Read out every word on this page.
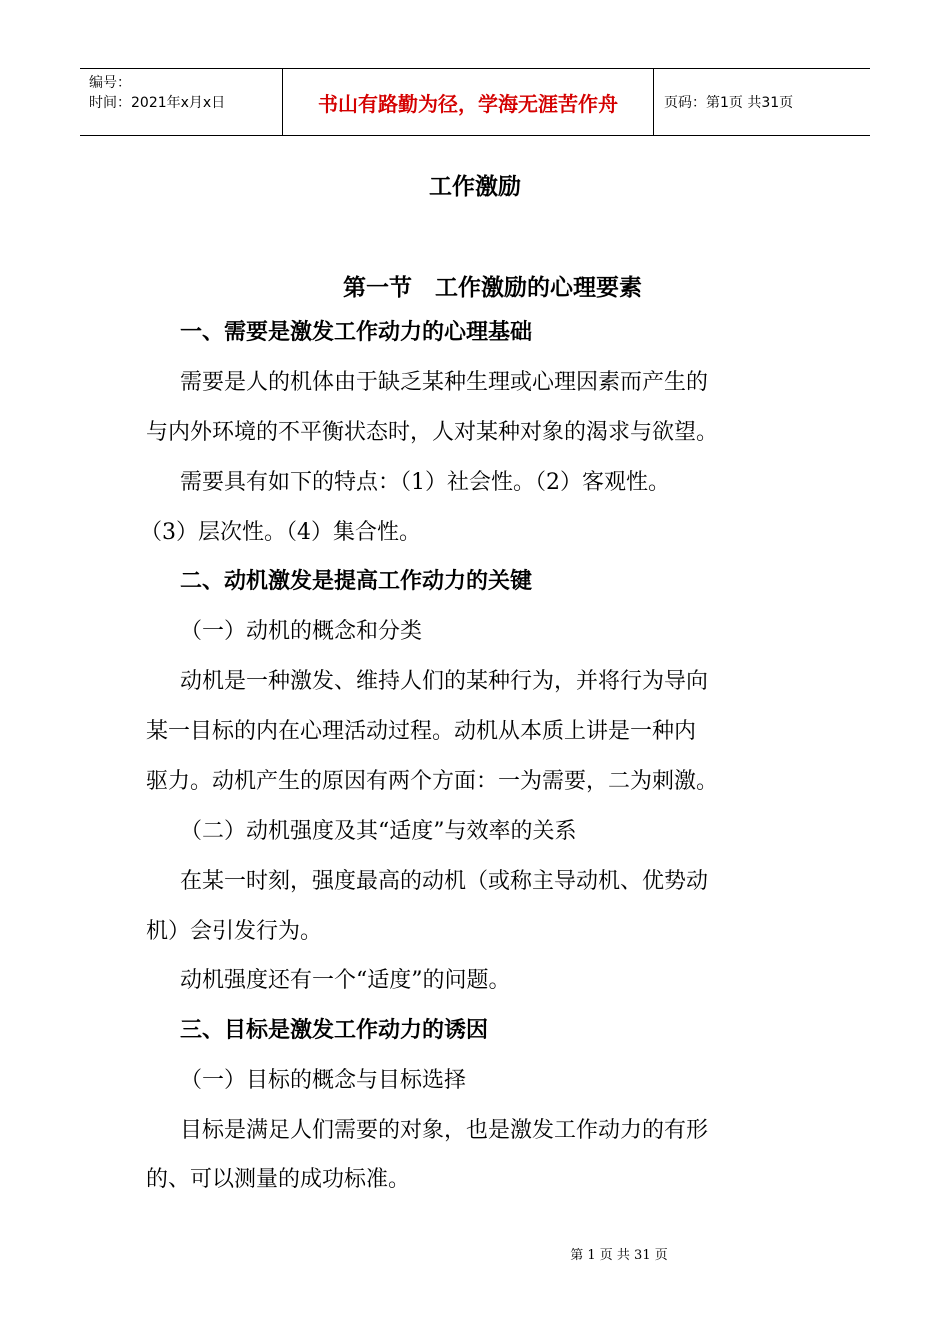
编号：
时间：2021年x月x日	书山有路勤为径，学海无涯苦作舟	页码：第1页 共31页
工作激励
第一节　工作激励的心理要素
一、需要是激发工作动力的心理基础
需要是人的机体由于缺乏某种生理或心理因素而产生的
与内外环境的不平衡状态时，人对某种对象的渴求与欲望。
需要具有如下的特点：（1）社会性。（2）客观性。
（3）层次性。（4）集合性。
二、动机激发是提高工作动力的关键
（一）动机的概念和分类
动机是一种激发、维持人们的某种行为，并将行为导向
某一目标的内在心理活动过程。动机从本质上讲是一种内
驱力。动机产生的原因有两个方面：一为需要，二为刺激。
（二）动机强度及其“适度”与效率的关系
在某一时刻，强度最高的动机（或称主导动机、优势动
机）会引发行为。
动机强度还有一个“适度”的问题。
三、目标是激发工作动力的诱因
（一）目标的概念与目标选择
目标是满足人们需要的对象，也是激发工作动力的有形
的、可以测量的成功标准。
第 1 页 共 31 页
